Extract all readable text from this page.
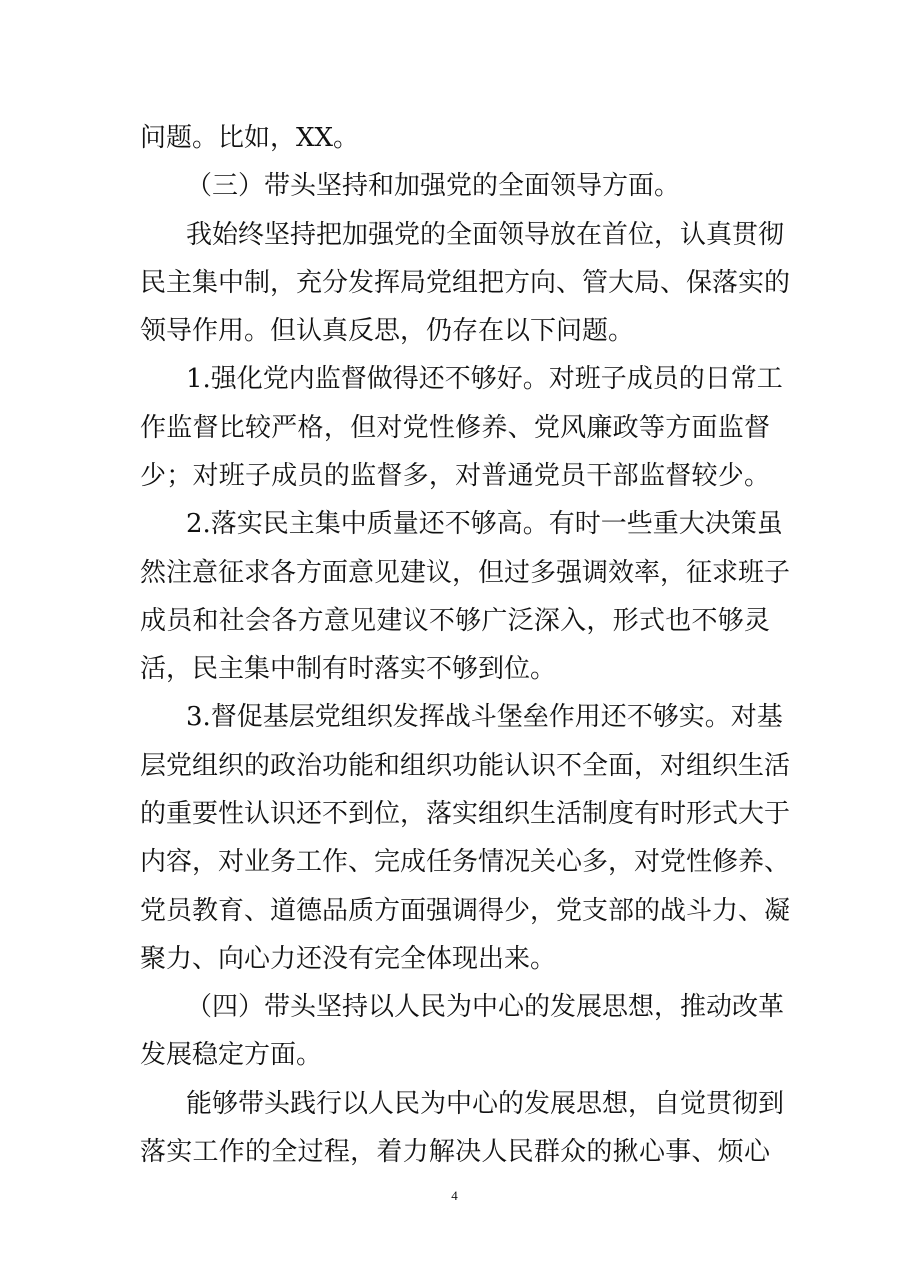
问题。比如，XX。
（三）带头坚持和加强党的全面领导方面。
我始终坚持把加强党的全面领导放在首位，认真贯彻
民主集中制，充分发挥局党组把方向、管大局、保落实的
领导作用。但认真反思，仍存在以下问题。
1.强化党内监督做得还不够好。对班子成员的日常工
作监督比较严格，但对党性修养、党风廉政等方面监督
少；对班子成员的监督多，对普通党员干部监督较少。
2.落实民主集中质量还不够高。有时一些重大决策虽
然注意征求各方面意见建议，但过多强调效率，征求班子
成员和社会各方意见建议不够广泛深入，形式也不够灵
活，民主集中制有时落实不够到位。
3.督促基层党组织发挥战斗堡垒作用还不够实。对基
层党组织的政治功能和组织功能认识不全面，对组织生活
的重要性认识还不到位，落实组织生活制度有时形式大于
内容，对业务工作、完成任务情况关心多，对党性修养、
党员教育、道德品质方面强调得少，党支部的战斗力、凝
聚力、向心力还没有完全体现出来。
（四）带头坚持以人民为中心的发展思想，推动改革
发展稳定方面。
能够带头践行以人民为中心的发展思想，自觉贯彻到
落实工作的全过程，着力解决人民群众的揪心事、烦心
4
